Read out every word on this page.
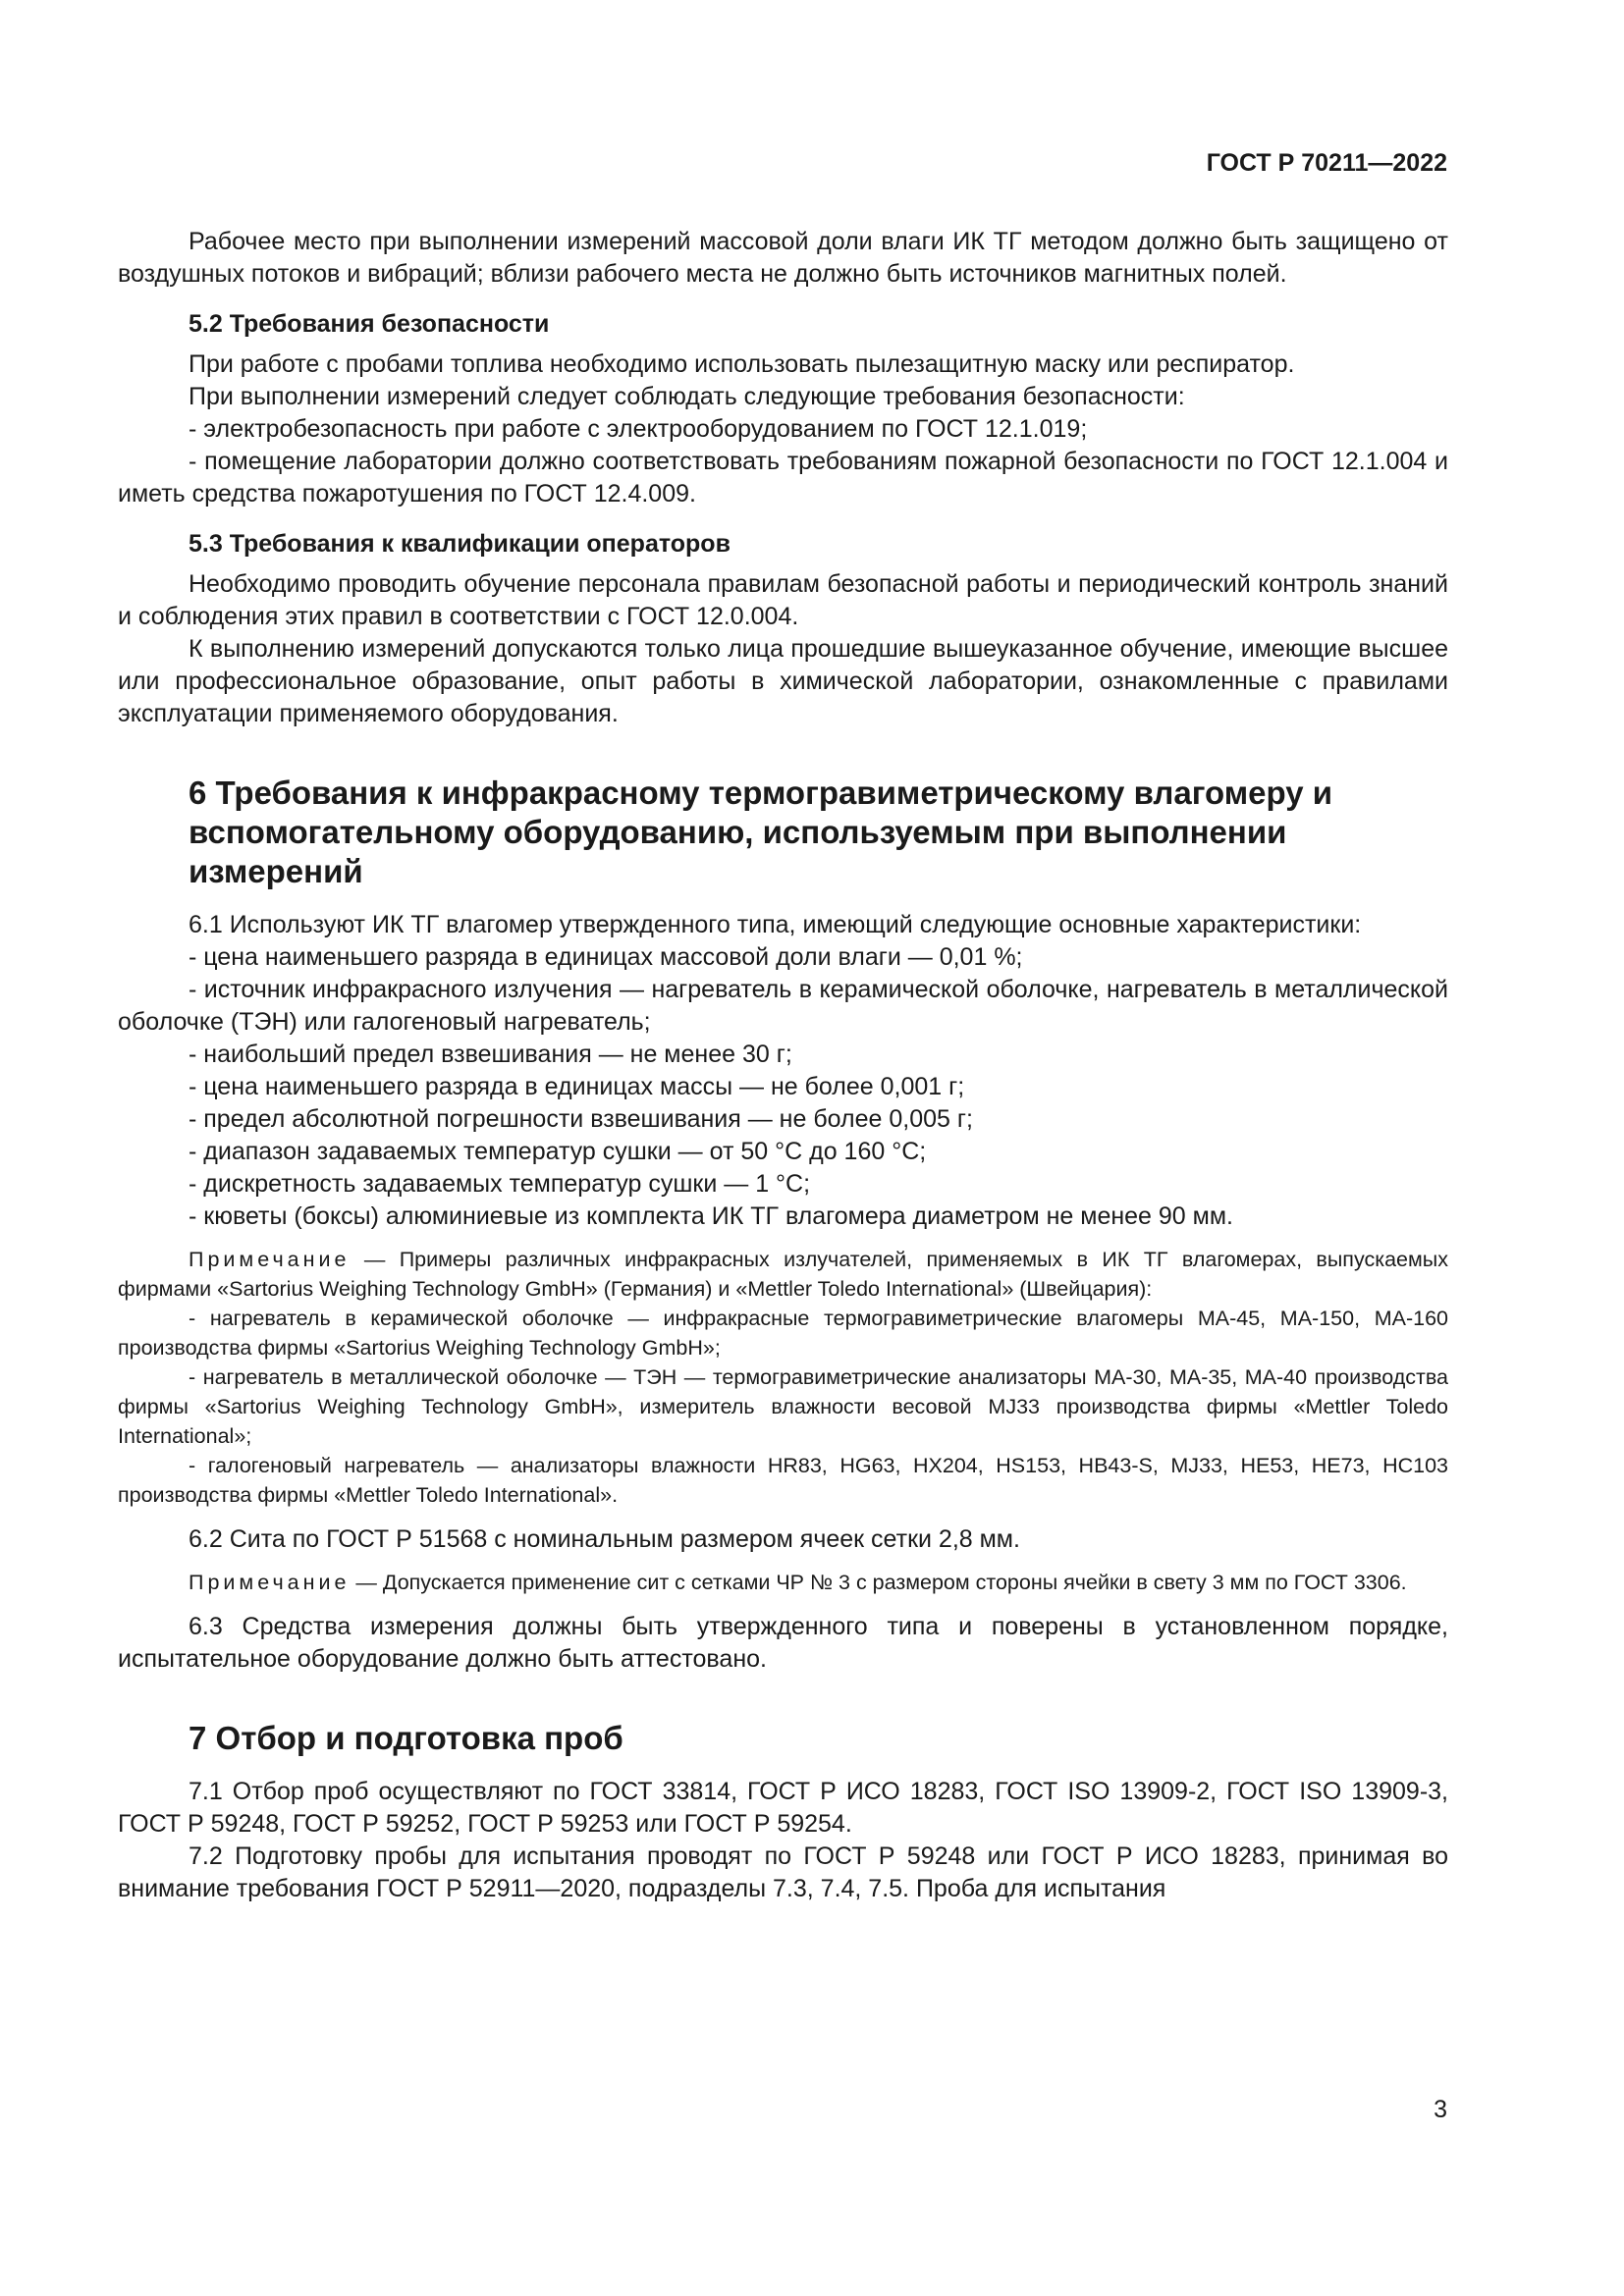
ГОСТ Р 70211—2022

Рабочее место при выполнении измерений массовой доли влаги ИК ТГ методом должно быть защищено от воздушных потоков и вибраций; вблизи рабочего места не должно быть источников магнитных полей.

5.2 Требования безопасности

При работе с пробами топлива необходимо использовать пылезащитную маску или респиратор.

При выполнении измерений следует соблюдать следующие требования безопасности:

- электробезопасность при работе с электрооборудованием по ГОСТ 12.1.019;

- помещение лаборатории должно соответствовать требованиям пожарной безопасности по ГОСТ 12.1.004 и иметь средства пожаротушения по ГОСТ 12.4.009.

5.3 Требования к квалификации операторов

Необходимо проводить обучение персонала правилам безопасной работы и периодический контроль знаний и соблюдения этих правил в соответствии с ГОСТ 12.0.004.

К выполнению измерений допускаются только лица прошедшие вышеуказанное обучение, имеющие высшее или профессиональное образование, опыт работы в химической лаборатории, ознакомленные с правилами эксплуатации применяемого оборудования.

6 Требования к инфракрасному термогравиметрическому влагомеру и вспомогательному оборудованию, используемым при выполнении измерений

6.1 Используют ИК ТГ влагомер утвержденного типа, имеющий следующие основные характеристики:

- цена наименьшего разряда в единицах массовой доли влаги — 0,01 %;

- источник инфракрасного излучения — нагреватель в керамической оболочке, нагреватель в металлической оболочке (ТЭН) или галогеновый нагреватель;

- наибольший предел взвешивания — не менее 30 г;

- цена наименьшего разряда в единицах массы — не более 0,001 г;

- предел абсолютной погрешности взвешивания — не более 0,005 г;

- диапазон задаваемых температур сушки — от 50 °С до 160 °С;

- дискретность задаваемых температур сушки — 1 °С;

- кюветы (боксы) алюминиевые из комплекта ИК ТГ влагомера диаметром не менее 90 мм.

Примечание — Примеры различных инфракрасных излучателей, применяемых в ИК ТГ влагомерах, выпускаемых фирмами «Sartorius Weighing Technology GmbH» (Германия) и «Mettler Toledo International» (Швейцария):

- нагреватель в керамической оболочке — инфракрасные термогравиметрические влагомеры МА-45, МА-150, МА-160 производства фирмы «Sartorius Weighing Technology GmbH»;

- нагреватель в металлической оболочке — ТЭН — термогравиметрические анализаторы МА-30, МА-35, МА-40 производства фирмы «Sartorius Weighing Technology GmbH», измеритель влажности весовой MJ33 производства фирмы «Mettler Toledo International»;

- галогеновый нагреватель — анализаторы влажности HR83, HG63, HX204, HS153, HB43-S, MJ33, HE53, HE73, HC103 производства фирмы «Mettler Toledo International».

6.2 Сита по ГОСТ Р 51568 с номинальным размером ячеек сетки 2,8 мм.

Примечание — Допускается применение сит с сетками ЧР № 3 с размером стороны ячейки в свету 3 мм по ГОСТ 3306.

6.3 Средства измерения должны быть утвержденного типа и поверены в установленном порядке, испытательное оборудование должно быть аттестовано.

7 Отбор и подготовка проб

7.1 Отбор проб осуществляют по ГОСТ 33814, ГОСТ Р ИСО 18283, ГОСТ ISO 13909-2, ГОСТ ISO 13909-3, ГОСТ Р 59248, ГОСТ Р 59252, ГОСТ Р 59253 или ГОСТ Р 59254.

7.2 Подготовку пробы для испытания проводят по ГОСТ Р 59248 или ГОСТ Р ИСО 18283, принимая во внимание требования ГОСТ Р 52911—2020, подразделы 7.3, 7.4, 7.5. Проба для испытания

3
